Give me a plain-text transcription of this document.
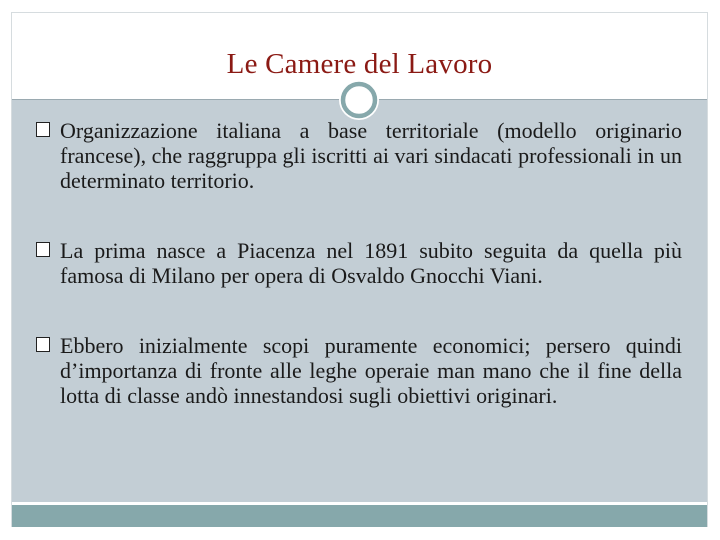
Le Camere del Lavoro

Organizzazione italiana a base territoriale (modello originario francese), che raggruppa gli iscritti ai vari sindacati professionali in un determinato territorio.

La prima nasce a Piacenza nel 1891 subito seguita da quella più famosa di Milano per opera di Osvaldo Gnocchi Viani.

Ebbero inizialmente scopi puramente economici; persero quindi d’importanza di fronte alle leghe operaie man mano che il fine della lotta di classe andò innestandosi sugli obiettivi originari.
